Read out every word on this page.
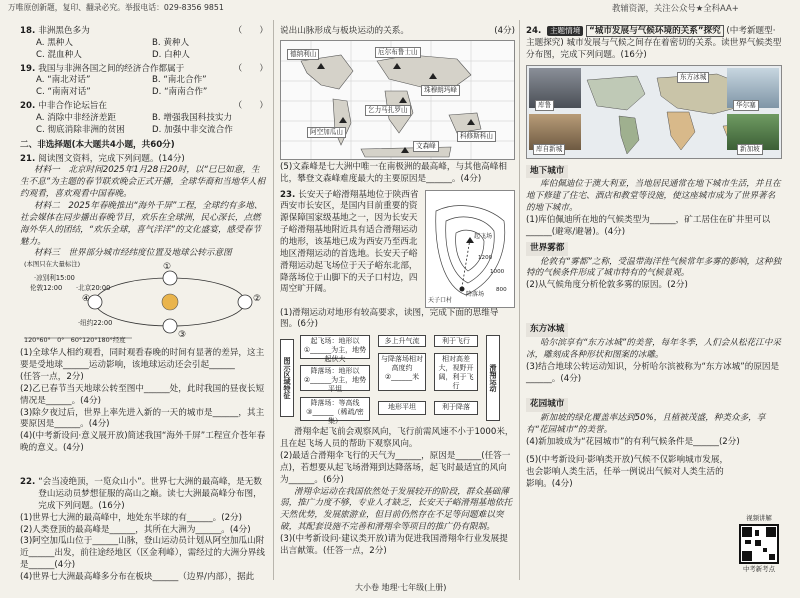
万唯原创新题，复印、翻录必究。举报电话：029-8356 9851	教辅资源，关注公众号★全科AA+
18. 非洲黑色多为	（　　）
A. 黑种人	B. 黄种人
C. 混血种人	D. 白种人
19. 我国与非洲各国之间的经济合作都属于	（　　）
A. “南北对话”	B. “南北合作”
C. “南南对话”	D. “南南合作”
20. 中非合作论坛旨在	（　　）
A. 消除中非经济差距	B. 增强我国科技实力
C. 彻底消除非洲的贫困	D. 加强中非交流合作
二、非选择题(本大题共4小题，共60分)
21. 阅读图文资料，完成下列问题。(14分)
材料一　北京时间2025年1月28日20时，以“巳巳如意，生生不息”为主题的春节联欢晚会正式开播，全球华裔和当地华人相约观看，喜欢观看中国春晚。
材料二　2025年春晚推出“海外千屏”工程，全球约有多地、社会媒体在同步播出春晚节目，欢乐在全球洲，民心深长，点燃海外华人的团结，“欢乐全球，喜气洋洋”的文化盛宴，感受春节魅力。
材料三　世界部分城市经纬度位置及地球公转示意图
(本图只在大量标注)
·凉别利15:00
伦敦12:00 ·北京20:00
·纽约22:00
①
②
③
④
120°60°　0°　60°120°180°经度
(1)全球华人相约观看，同时观看春晚的时间有显著的差异，这主要是受地球______运动影响，该地球运动还会引起______
(任答一点，2分)
(2)乙已春节当天地球公转至图中______处，此时我国的昼夜长短情况是______。(4分)
(3)除夕夜过后，世界上率先进入新的一天的城市是______，其主要原因是______。(4分)
(4)(中考新设问·意义展开放)简述我国“海外千屏”工程宣介苍年春晚的意义。(4分)
22. “会当凌绝顶，一览众山小”。世界七大洲的最高峰，是无数登山运动员梦想征服的高山之巅。读七大洲最高峰分布图，完成下列问题。(16分)
(1)世界七大洲的最高峰中，地处东半球的有______。(2分)
(2)人类登顶的最高峰是______，其所在大洲为______。(4分)
(3)阿空加瓜山位于______山脉，登山运动员计划从阿空加瓜山附近______出发，前往途经地区（区金利峰），需经过的大洲分界线是______(4分)
(4)世界七大洲最高峰多分布在板块______（边界/内部），据此
说出山脉形成与板块运动的关系。	(4分)
阿空加瓜山
珠穆朗玛峰
文森峰
乞力马扎罗山
厄尔布鲁士山
科修斯科山
德纳利山
(5)文森峰是七大洲中唯一在南极洲的最高峰，与其他高峰相比，攀登文森峰难度最大的主要原因是______。(4分)
23. 长安天子峪滑翔基地位于陕西省西安市长安区，是国内目前重要的资源保障国家级基地之一，因为长安天子峪滑翔基地附近具有适合滑翔运动的地形，该基地已成为西安乃至西北地区滑翔运动的首选地。长安天子峪滑翔运动起飞场位于天子峪东北部，降落场位于山脚下的天子口村边，四周空旷开阔。
起飞场
降落场
天子口村
1200
1000
800
(1)滑翔运动对地形有较高要求，读图，完成下面的思维导图。(6分)
图示区域特征
起飞场：地形以①______为主，地势起伏大
多上升气流	利于飞行
降落场：地形以②______为主，地势平坦
与降落场相对高度约②______米
相对高差大，视野开阔，利于飞行	滑翔运动
降落场：等高线③______（稀疏/密集）
地形平坦	利于降落
滑翔伞起飞前会观察风向，飞行前需风速不小于1000米，且在起飞场人员的帮助下观察风向。
(2)最适合滑翔伞飞行的天气为______，原因是______(任答一点)，若想要从起飞场滑翔到达降落场，起飞时最适宜的风向为______。(6分)
滑翔伞运动在我国依然处于发展较开的阶段，群众基础薄弱，推广力度不够，专业人才缺乏，长安天子峪滑翔基地依托天然优势，发展旅游业，但目前仍然存在不足等问题难以突破，其配套设施不完善和滑翔伞等项目的推广仍有限制。
(3)(中考新设问·建议类开放)请为促进我国滑翔伞行业发展提出言献策。(任答一点，2分)
24. 主题情境 “城市发展与气候环境的关系”探究 (中考新题型·主题探究) 城市发展与气候之间存在着密切的关系。读世界气候类型分布图，完成下列问题。(16分)
库鲁	华尔塞
库自新城	新加坡
东方冰城
地下城市
库伯佩迪位于澳大利亚，当地居民通常在地下城市生活，并且在地下修建了住宅、酒店和教堂等设施，使这座城市成为了世界著名的地下城市。
(1)库伯佩迪所在地的气候类型为______，矿工居住在矿井里可以______(避寒/避暑)。(4分)
世界雾都
伦敦有“雾都”之称，受温带海洋性气候常年多雾的影响，这种独特的气候条件形成了城市特有的气候景观。
(2)从气候角度分析伦敦多雾的原因。(2分)
东方冰城
哈尔滨享有“东方冰城”的美誉，每年冬季，人们会从松花江中采冰，雕刻成各种形状和图案的冰雕。
(3)结合地球公转运动知识，分析哈尔滨被称为“东方冰城”的原因是______。(4分)
花园城市
新加坡的绿化覆盖率达到50%，且植被茂盛，种类众多，享有“花园城市”的美誉。
(4)新加坡成为“花园城市”的有利气候条件是______(2分)
(5)(中考新设问·影响类开放)气候不仅影响城市发展，也会影响人类生活，任举一例说出气候对人类生活的影响。(4分)
视频讲解
中考新考点
大小卷 地理·七年级(上册)
